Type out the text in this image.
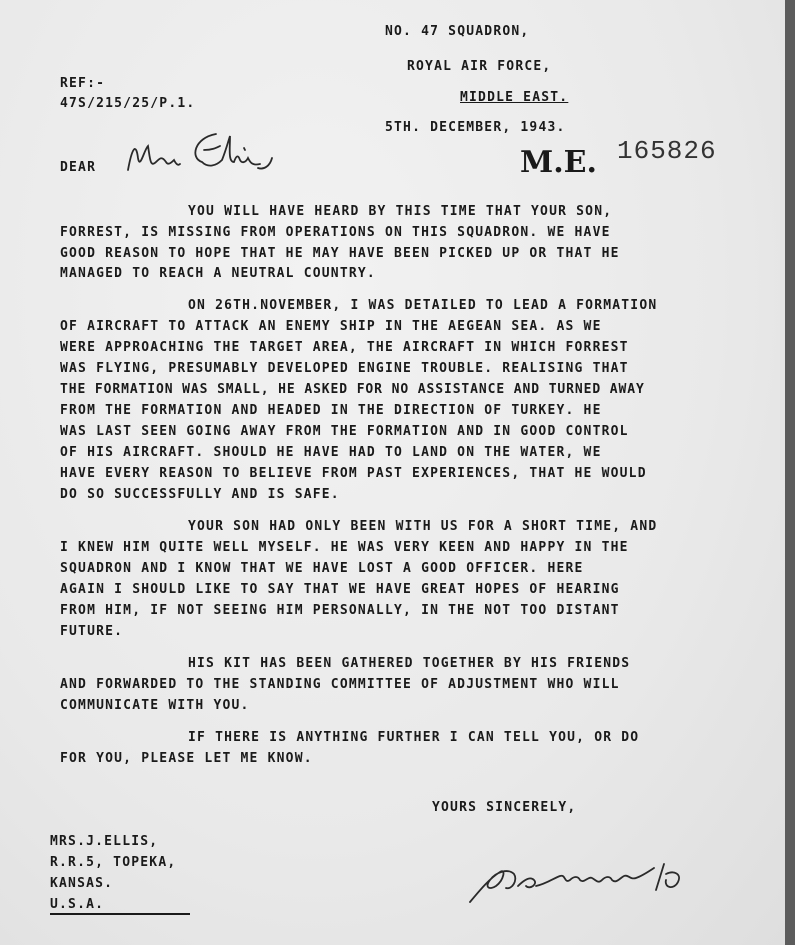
NO. 47 SQUADRON,
ROYAL AIR FORCE,
MIDDLE EAST.
5TH. DECEMBER, 1943.
REF:-
47S/215/25/P.1.
M.E. 165826
DEAR
YOU WILL HAVE HEARD BY THIS TIME THAT YOUR SON,
FORREST, IS MISSING FROM OPERATIONS ON THIS SQUADRON. WE HAVE
GOOD REASON TO HOPE THAT HE MAY HAVE BEEN PICKED UP OR THAT HE
MANAGED TO REACH A NEUTRAL COUNTRY.
ON 26TH.NOVEMBER, I WAS DETAILED TO LEAD A FORMATION
OF AIRCRAFT TO ATTACK AN ENEMY SHIP IN THE AEGEAN SEA. AS WE
WERE APPROACHING THE TARGET AREA, THE AIRCRAFT IN WHICH FORREST
WAS FLYING, PRESUMABLY DEVELOPED ENGINE TROUBLE. REALISING THAT
THE FORMATION WAS SMALL, HE ASKED FOR NO ASSISTANCE AND TURNED AWAY
FROM THE FORMATION AND HEADED IN THE DIRECTION OF TURKEY. HE
WAS LAST SEEN GOING AWAY FROM THE FORMATION AND IN GOOD CONTROL
OF HIS AIRCRAFT. SHOULD HE HAVE HAD TO LAND ON THE WATER, WE
HAVE EVERY REASON TO BELIEVE FROM PAST EXPERIENCES, THAT HE WOULD
DO SO SUCCESSFULLY AND IS SAFE.
YOUR SON HAD ONLY BEEN WITH US FOR A SHORT TIME, AND
I KNEW HIM QUITE WELL MYSELF. HE WAS VERY KEEN AND HAPPY IN THE
SQUADRON AND I KNOW THAT WE HAVE LOST A GOOD OFFICER. HERE
AGAIN I SHOULD LIKE TO SAY THAT WE HAVE GREAT HOPES OF HEARING
FROM HIM, IF NOT SEEING HIM PERSONALLY, IN THE NOT TOO DISTANT
FUTURE.
HIS KIT HAS BEEN GATHERED TOGETHER BY HIS FRIENDS
AND FORWARDED TO THE STANDING COMMITTEE OF ADJUSTMENT WHO WILL
COMMUNICATE WITH YOU.
IF THERE IS ANYTHING FURTHER I CAN TELL YOU, OR DO
FOR YOU, PLEASE LET ME KNOW.
YOURS SINCERELY,
MRS.J.ELLIS,
R.R.5, TOPEKA,
KANSAS.
U.S.A.
